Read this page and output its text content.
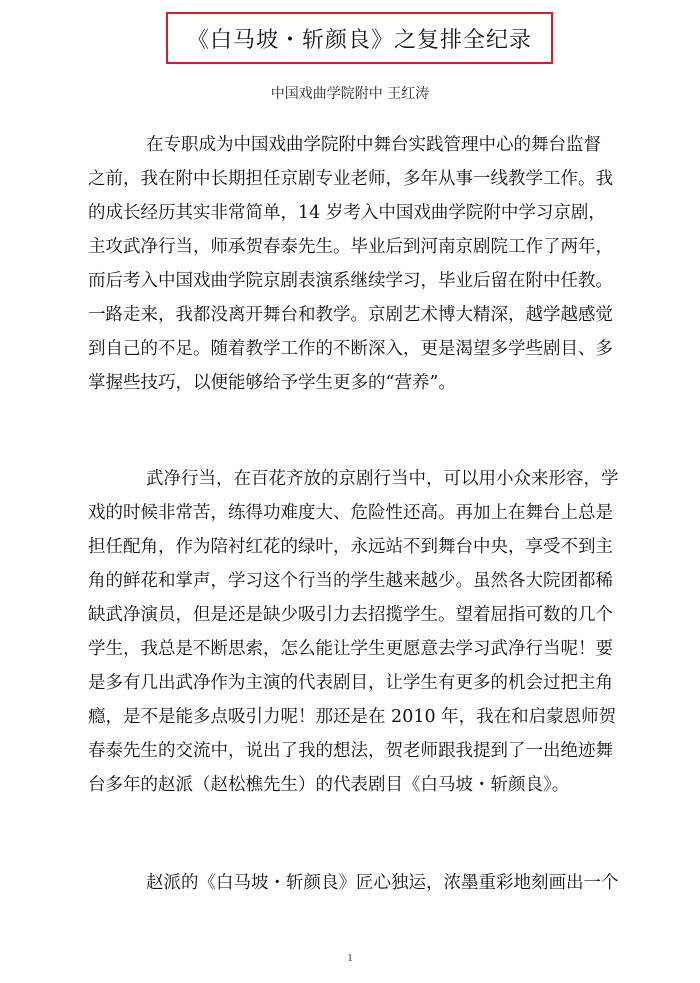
《白马坡・斩颜良》之复排全纪录
中国戏曲学院附中 王红涛
在专职成为中国戏曲学院附中舞台实践管理中心的舞台监督
之前，我在附中长期担任京剧专业老师，多年从事一线教学工作。我
的成长经历其实非常简单，14 岁考入中国戏曲学院附中学习京剧，
主攻武净行当，师承贺春泰先生。毕业后到河南京剧院工作了两年，
而后考入中国戏曲学院京剧表演系继续学习，毕业后留在附中任教。
一路走来，我都没离开舞台和教学。京剧艺术博大精深，越学越感觉
到自己的不足。随着教学工作的不断深入，更是渴望多学些剧目、多
掌握些技巧，以便能够给予学生更多的“营养”。
武净行当，在百花齐放的京剧行当中，可以用小众来形容，学
戏的时候非常苦，练得功难度大、危险性还高。再加上在舞台上总是
担任配角，作为陪衬红花的绿叶，永远站不到舞台中央，享受不到主
角的鲜花和掌声，学习这个行当的学生越来越少。虽然各大院团都稀
缺武净演员，但是还是缺少吸引力去招揽学生。望着屈指可数的几个
学生，我总是不断思索，怎么能让学生更愿意去学习武净行当呢！要
是多有几出武净作为主演的代表剧目，让学生有更多的机会过把主角
瘾，是不是能多点吸引力呢！那还是在 2010 年，我在和启蒙恩师贺
春泰先生的交流中，说出了我的想法，贺老师跟我提到了一出绝迹舞
台多年的赵派（赵松樵先生）的代表剧目《白马坡・斩颜良》。
赵派的《白马坡・斩颜良》匠心独运，浓墨重彩地刻画出一个
1
